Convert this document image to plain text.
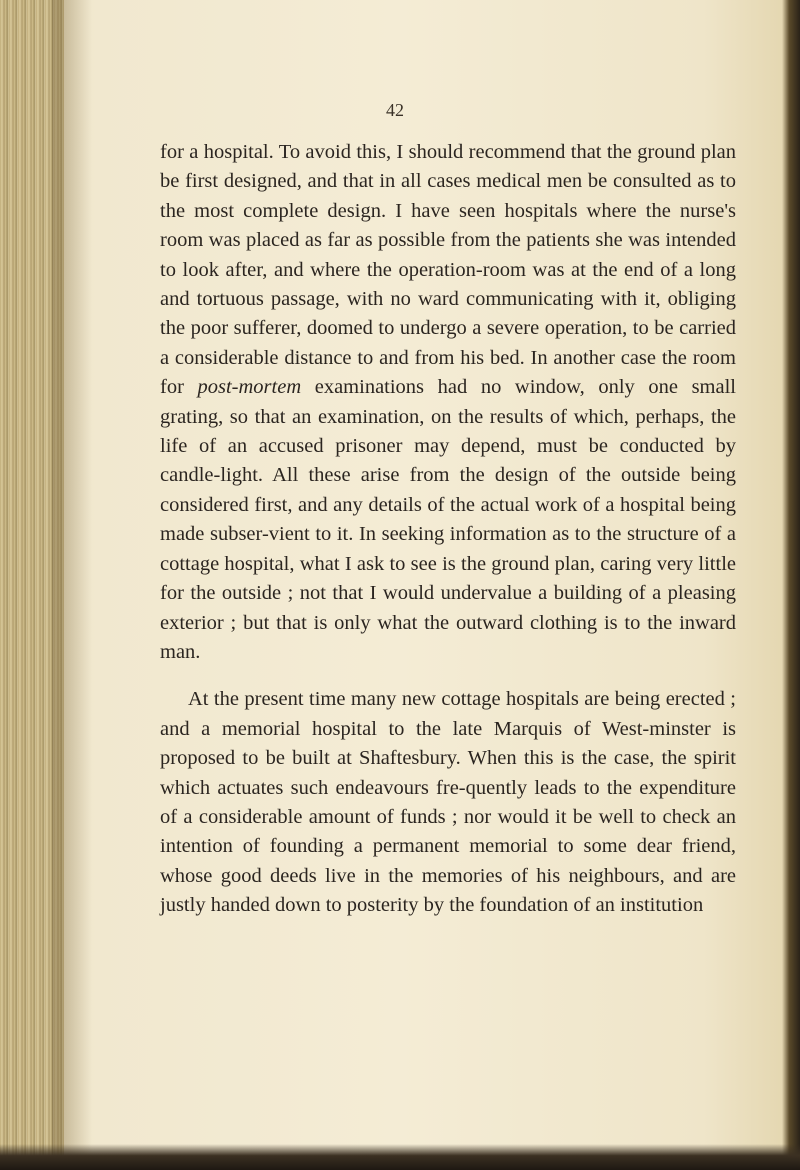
42

for a hospital. To avoid this, I should recommend that the ground plan be first designed, and that in all cases medical men be consulted as to the most complete design. I have seen hospitals where the nurse's room was placed as far as possible from the patients she was intended to look after, and where the operation-room was at the end of a long and tortuous passage, with no ward communicating with it, obliging the poor sufferer, doomed to undergo a severe operation, to be carried a considerable distance to and from his bed. In another case the room for post-mortem examinations had no window, only one small grating, so that an examination, on the results of which, perhaps, the life of an accused prisoner may depend, must be conducted by candle-light. All these arise from the design of the outside being considered first, and any details of the actual work of a hospital being made subser-vient to it. In seeking information as to the structure of a cottage hospital, what I ask to see is the ground plan, caring very little for the outside ; not that I would undervalue a building of a pleasing exterior ; but that is only what the outward clothing is to the inward man.

At the present time many new cottage hospitals are being erected ; and a memorial hospital to the late Marquis of West-minster is proposed to be built at Shaftesbury. When this is the case, the spirit which actuates such endeavours fre-quently leads to the expenditure of a considerable amount of funds ; nor would it be well to check an intention of founding a permanent memorial to some dear friend, whose good deeds live in the memories of his neighbours, and are justly handed down to posterity by the foundation of an institution
